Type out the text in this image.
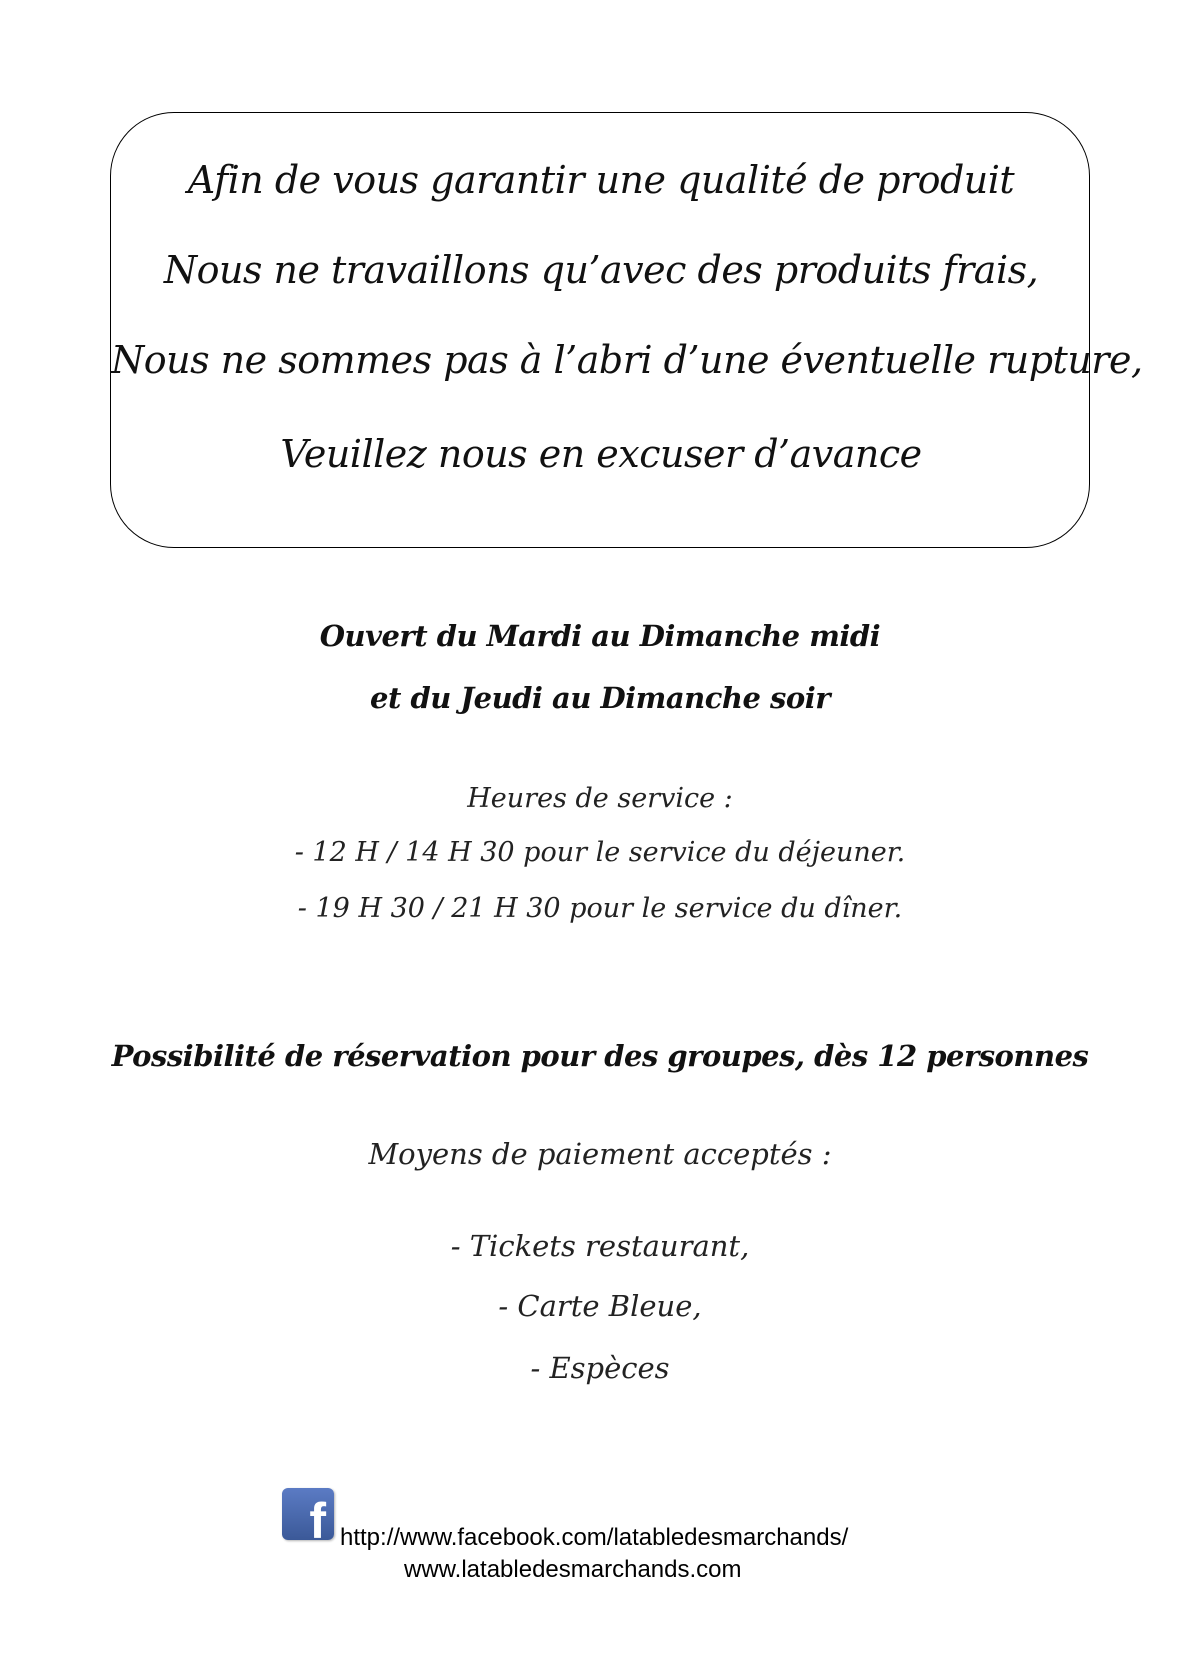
Afin de vous garantir une qualité de produit
Nous ne travaillons qu’avec des produits frais,
Nous ne sommes pas à l’abri d’une éventuelle rupture,
Veuillez nous en excuser d’avance
Ouvert du Mardi au Dimanche midi
et du Jeudi au Dimanche soir
Heures de service :
- 12 H / 14 H 30 pour le service du déjeuner.
- 19 H 30 / 21 H 30 pour le service du dîner.
Possibilité de réservation pour des groupes, dès 12 personnes
Moyens de paiement acceptés :
- Tickets restaurant,
- Carte Bleue,
- Espèces
f http://www.facebook.com/latabledesmarchands/
www.latabledesmarchands.com
